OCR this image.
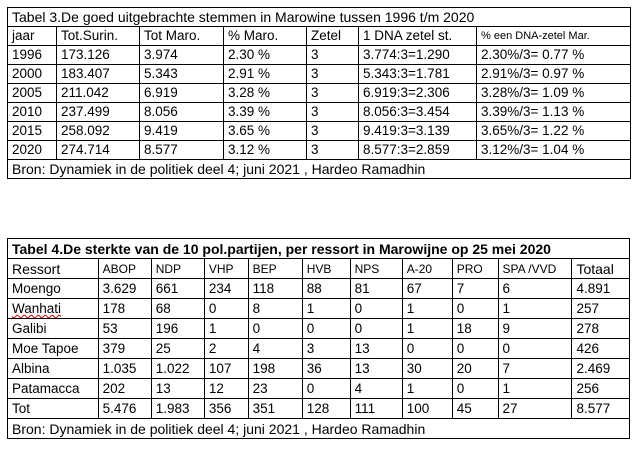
Tabel 3.De goed uitgebrachte stemmen in Marowine tussen 1996 t/m 2020						
jaar	Tot.Surin.	Tot Maro.	% Maro.	Zetel	1 DNA zetel st.	% een DNA-zetel Mar.
1996	173.126	3.974	2.30 %	3	3.774:3=1.290	2.30%/3= 0.77 %
2000	183.407	5.343	2.91 %	3	5.343:3=1.781	2.91%/3= 0.97 %
2005	211.042	6.919	3.28 %	3	6.919:3=2.306	3.28%/3= 1.09 %
2010	237.499	8.056	3.39 %	3	8.056:3=3.454	3.39%/3= 1.13 %
2015	258.092	9.419	3.65 %	3	9.419:3=3.139	3.65%/3= 1.22 %
2020	274.714	8.577	3.12 %	3	8.577:3=2.859	3.12%/3= 1.04 %
Bron: Dynamiek in de politiek deel 4; juni 2021 , Hardeo Ramadhin						
Tabel 4.De sterkte van de 10 pol.partijen, per ressort in Marowijne op 25 mei 2020										
Ressort	ABOP	NDP	VHP	BEP	HVB	NPS	A-20	PRO	SPA /VVD	Totaal
Moengo	3.629	661	234	118	88	81	67	7	6	4.891
Wanhati	178	68	0	8	1	0	1	0	1	257
Galibi	53	196	1	0	0	0	1	18	9	278
Moe Tapoe	379	25	2	4	3	13	0	0	0	426
Albina	1.035	1.022	107	198	36	13	30	20	7	2.469
Patamacca	202	13	12	23	0	4	1	0	1	256
Tot	5.476	1.983	356	351	128	111	100	45	27	8.577
Bron: Dynamiek in de politiek deel 4; juni 2021 , Hardeo Ramadhin										
